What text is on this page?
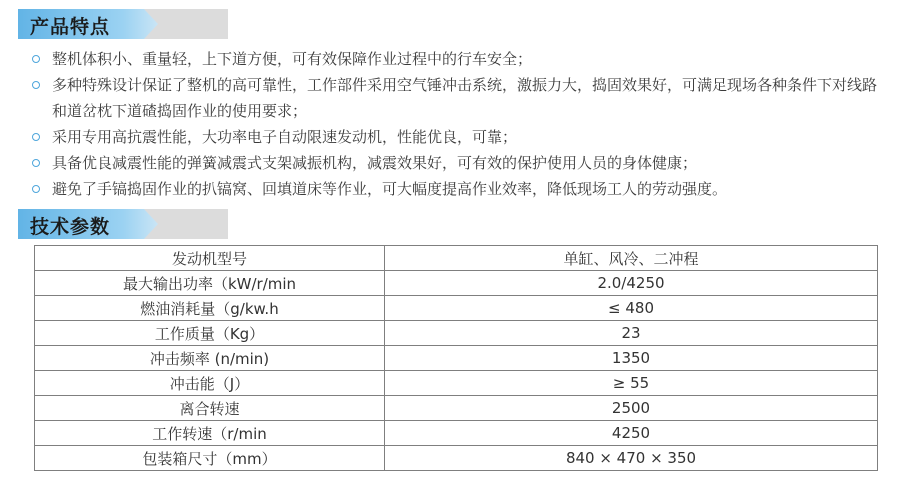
产品特点
整机体积小、重量轻，上下道方便，可有效保障作业过程中的行车安全；
多种特殊设计保证了整机的高可靠性，工作部件采用空气锤冲击系统，激振力大，捣固效果好，可满足现场各种条件下对线路和道岔枕下道碴捣固作业的使用要求；
采用专用高抗震性能，大功率电子自动限速发动机，性能优良，可靠；
具备优良减震性能的弹簧减震式支架减振机构，减震效果好，可有效的保护使用人员的身体健康；
避免了手镐捣固作业的扒镐窝、回填道床等作业，可大幅度提高作业效率，降低现场工人的劳动强度。
技术参数
发动机型号	单缸、风冷、二冲程
最大输出功率（kW/r/min	2.0/4250
燃油消耗量（g/kw.h	≤ 480
工作质量（Kg）	23
冲击频率 (n/min)	1350
冲击能（J）	≥ 55
离合转速	2500
工作转速（r/min	4250
包装箱尺寸（mm）	840 × 470 × 350
